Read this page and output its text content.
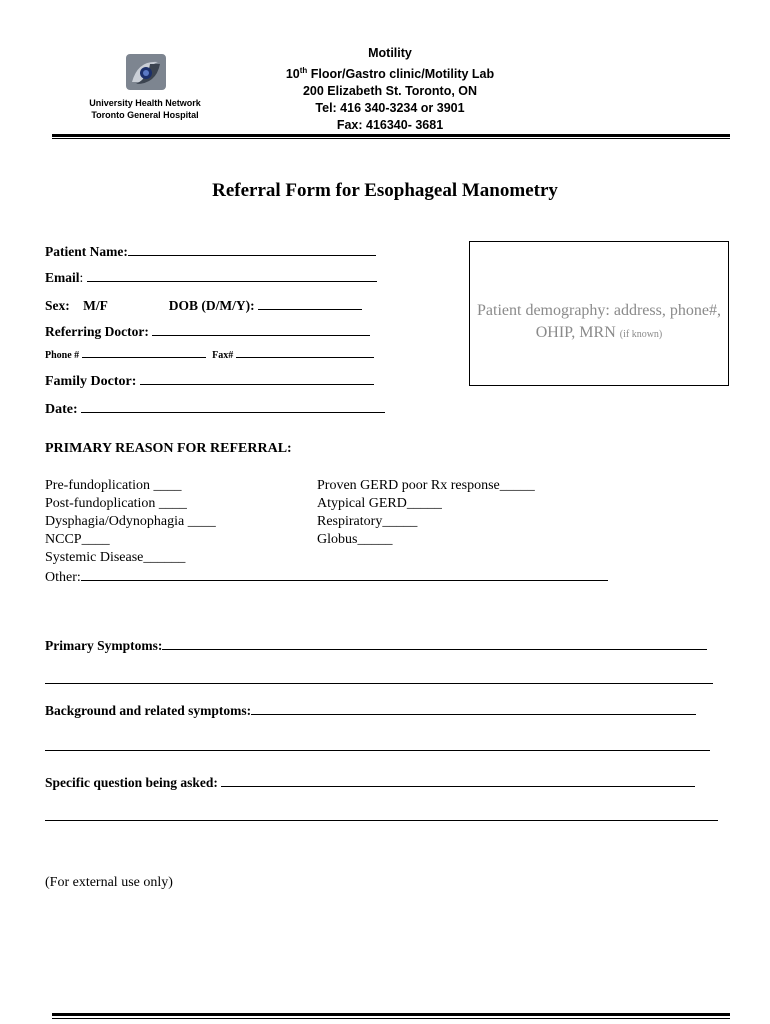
University Health Network
Toronto General Hospital
Motility
10th Floor/Gastro clinic/Motility Lab
200 Elizabeth St. Toronto, ON
Tel: 416 340-3234 or 3901
Fax: 416340- 3681
Referral Form for Esophageal Manometry
Patient Name:
Email:
Sex: M/F	DOB (D/M/Y):
Referring Doctor:
Phone #	Fax#
Family Doctor:
Date:
Patient demography: address, phone#, OHIP, MRN (if known)
PRIMARY REASON FOR REFERRAL:
Pre-fundoplication ____
Post-fundoplication ____
Dysphagia/Odynophagia ____
NCCP____
Systemic Disease______
Proven GERD poor Rx response_____
Atypical GERD_____
Respiratory_____
Globus_____
Other:
Primary Symptoms:
Background and related symptoms:
Specific question being asked:
(For external use only)
